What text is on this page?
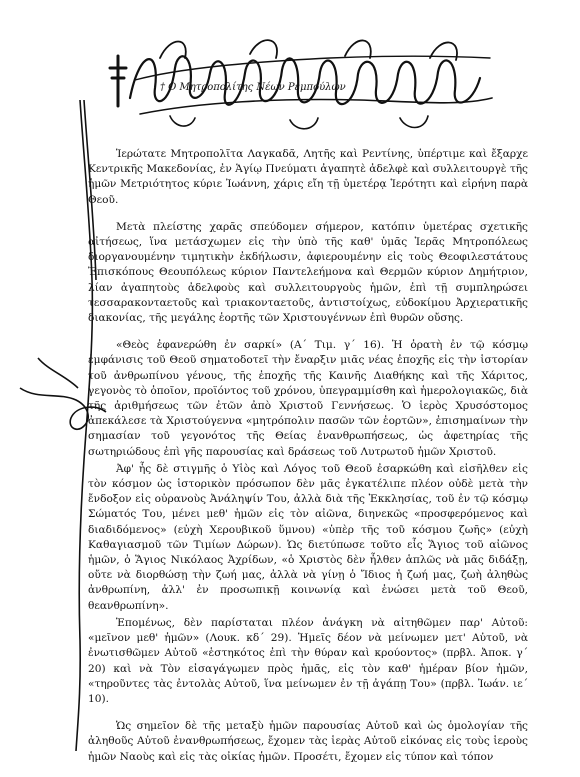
† Ο Μητροπολίτης Νέων Ρεμπούλων

Ἱερώτατε Μητροπολῖτα Λαγκαδᾶ, Λητῆς καὶ Ρεντίνης, ὑπέρτιμε καὶ ἔξαρχε Κεντρικῆς Μακεδονίας, ἐν Ἁγίῳ Πνεύματι ἀγαπητὲ ἀδελφὲ καὶ συλλειτουργὲ τῆς ἡμῶν Μετριότητος κύριε Ἰωάννη, χάρις εἴη τῇ ὑμετέρᾳ Ἱερότητι καὶ εἰρήνη παρὰ Θεοῦ.

Μετὰ πλείστης χαρᾶς σπεύδομεν σήμερον, κατόπιν ὑμετέρας σχετικῆς αἰτήσεως, ἵνα μετάσχωμεν εἰς τὴν ὑπὸ τῆς καθ' ὑμᾶς Ἱερᾶς Μητροπόλεως διοργανουμένην τιμητικὴν ἐκδήλωσιν, ἀφιερουμένην εἰς τοὺς Θεοφιλεστάτους Ἐπισκόπους Θεουπόλεως κύριον Παντελεήμονα καὶ Θερμῶν κύριον Δημήτριον, λίαν ἀγαπητοὺς ἀδελφοὺς καὶ συλλειτουργοὺς ἡμῶν, ἐπὶ τῇ συμπληρώσει τεσσαρακονταετοῦς καὶ τριακονταετοῦς, ἀντιστοίχως, εὐδοκίμου Ἀρχιερατικῆς διακονίας, τῆς μεγάλης ἑορτῆς τῶν Χριστουγέννων ἐπὶ θυρῶν οὔσης.

«Θεὸς ἐφανερώθη ἐν σαρκί» (Α΄ Τιμ. γ΄ 16). Ἡ ὁρατὴ ἐν τῷ κόσμῳ ἐμφάνισις τοῦ Θεοῦ σηματοδοτεῖ τὴν ἔναρξιν μιᾶς νέας ἐποχῆς εἰς τὴν ἱστορίαν τοῦ ἀνθρωπίνου γένους, τῆς ἐποχῆς τῆς Καινῆς Διαθήκης καὶ τῆς Χάριτος, γεγονὸς τὸ ὁποῖον, προϊόντος τοῦ χρόνου, ὑπεγραμμίσθη καὶ ἡμερολογιακῶς, διὰ τῆς ἀριθμήσεως τῶν ἐτῶν ἀπὸ Χριστοῦ Γεννήσεως. Ὁ ἱερὸς Χρυσόστομος ἀπεκάλεσε τὰ Χριστούγεννα «μητρόπολιν πασῶν τῶν ἑορτῶν», ἐπισημαίνων τὴν σημασίαν τοῦ γεγονότος τῆς Θείας ἐνανθρωπήσεως, ὡς ἀφετηρίας τῆς σωτηριώδους ἐπὶ γῆς παρουσίας καὶ δράσεως τοῦ Λυτρωτοῦ ἡμῶν Χριστοῦ.

Ἀφ' ἧς δὲ στιγμῆς ὁ Υἱὸς καὶ Λόγος τοῦ Θεοῦ ἐσαρκώθη καὶ εἰσῆλθεν εἰς τὸν κόσμον ὡς ἱστορικὸν πρόσωπον δὲν μᾶς ἐγκατέλιπε πλέον οὐδὲ μετὰ τὴν ἔνδοξον εἰς οὐρανοὺς Ἀνάληψίν Του, ἀλλὰ διὰ τῆς Ἐκκλησίας, τοῦ ἐν τῷ κόσμῳ Σώματός Του, μένει μεθ' ἡμῶν εἰς τὸν αἰῶνα, διηνεκῶς «προσφερόμενος καὶ διαδιδόμενος» (εὐχὴ Χερουβικοῦ ὕμνου) «ὑπὲρ τῆς τοῦ κόσμου ζωῆς» (εὐχὴ Καθαγιασμοῦ τῶν Τιμίων Δώρων). Ὡς διετύπωσε τοῦτο εἷς Ἅγιος τοῦ αἰῶνος ἡμῶν, ὁ Ἅγιος Νικόλαος Ἀχρίδων, «ὁ Χριστὸς δὲν ἦλθεν ἁπλῶς νὰ μᾶς διδάξῃ, οὔτε νὰ διορθώσῃ τὴν ζωή μας, ἀλλὰ νὰ γίνῃ ὁ Ἴδιος ἡ ζωή μας, ζωὴ ἀληθὼς ἀνθρωπίνη, ἀλλ' ἐν προσωπικῇ κοινωνίᾳ καὶ ἑνώσει μετὰ τοῦ Θεοῦ, θεανθρωπίνη».

Ἑπομένως, δὲν παρίσταται πλέον ἀνάγκη νὰ αἰτηθῶμεν παρ' Αὐτοῦ: «μεῖνον μεθ' ἡμῶν» (Λουκ. κδ΄ 29). Ἡμεῖς δέον νὰ μείνωμεν μετ' Αὐτοῦ, νὰ ἐνωτισθῶμεν Αὐτοῦ «ἑστηκότος ἐπὶ τὴν θύραν καὶ κρούοντος» (πρβλ. Ἀποκ. γ΄ 20) καὶ νὰ Τὸν εἰσαγάγωμεν πρὸς ἡμᾶς, εἰς τὸν καθ' ἡμέραν βίον ἡμῶν, «τηροῦντες τὰς ἐντολὰς Αὐτοῦ, ἵνα μείνωμεν ἐν τῇ ἀγάπῃ Του» (πρβλ. Ἰωάν. ιε΄ 10).

Ὡς σημεῖον δὲ τῆς μεταξὺ ἡμῶν παρουσίας Αὐτοῦ καὶ ὡς ὁμολογίαν τῆς ἀληθοῦς Αὐτοῦ ἐνανθρωπήσεως, ἔχομεν τὰς ἱερὰς Αὐτοῦ εἰκόνας εἰς τοὺς ἱεροὺς ἡμῶν Ναοὺς καὶ εἰς τὰς οἰκίας ἡμῶν. Προσέτι, ἔχομεν εἰς τύπον καὶ τόπον
